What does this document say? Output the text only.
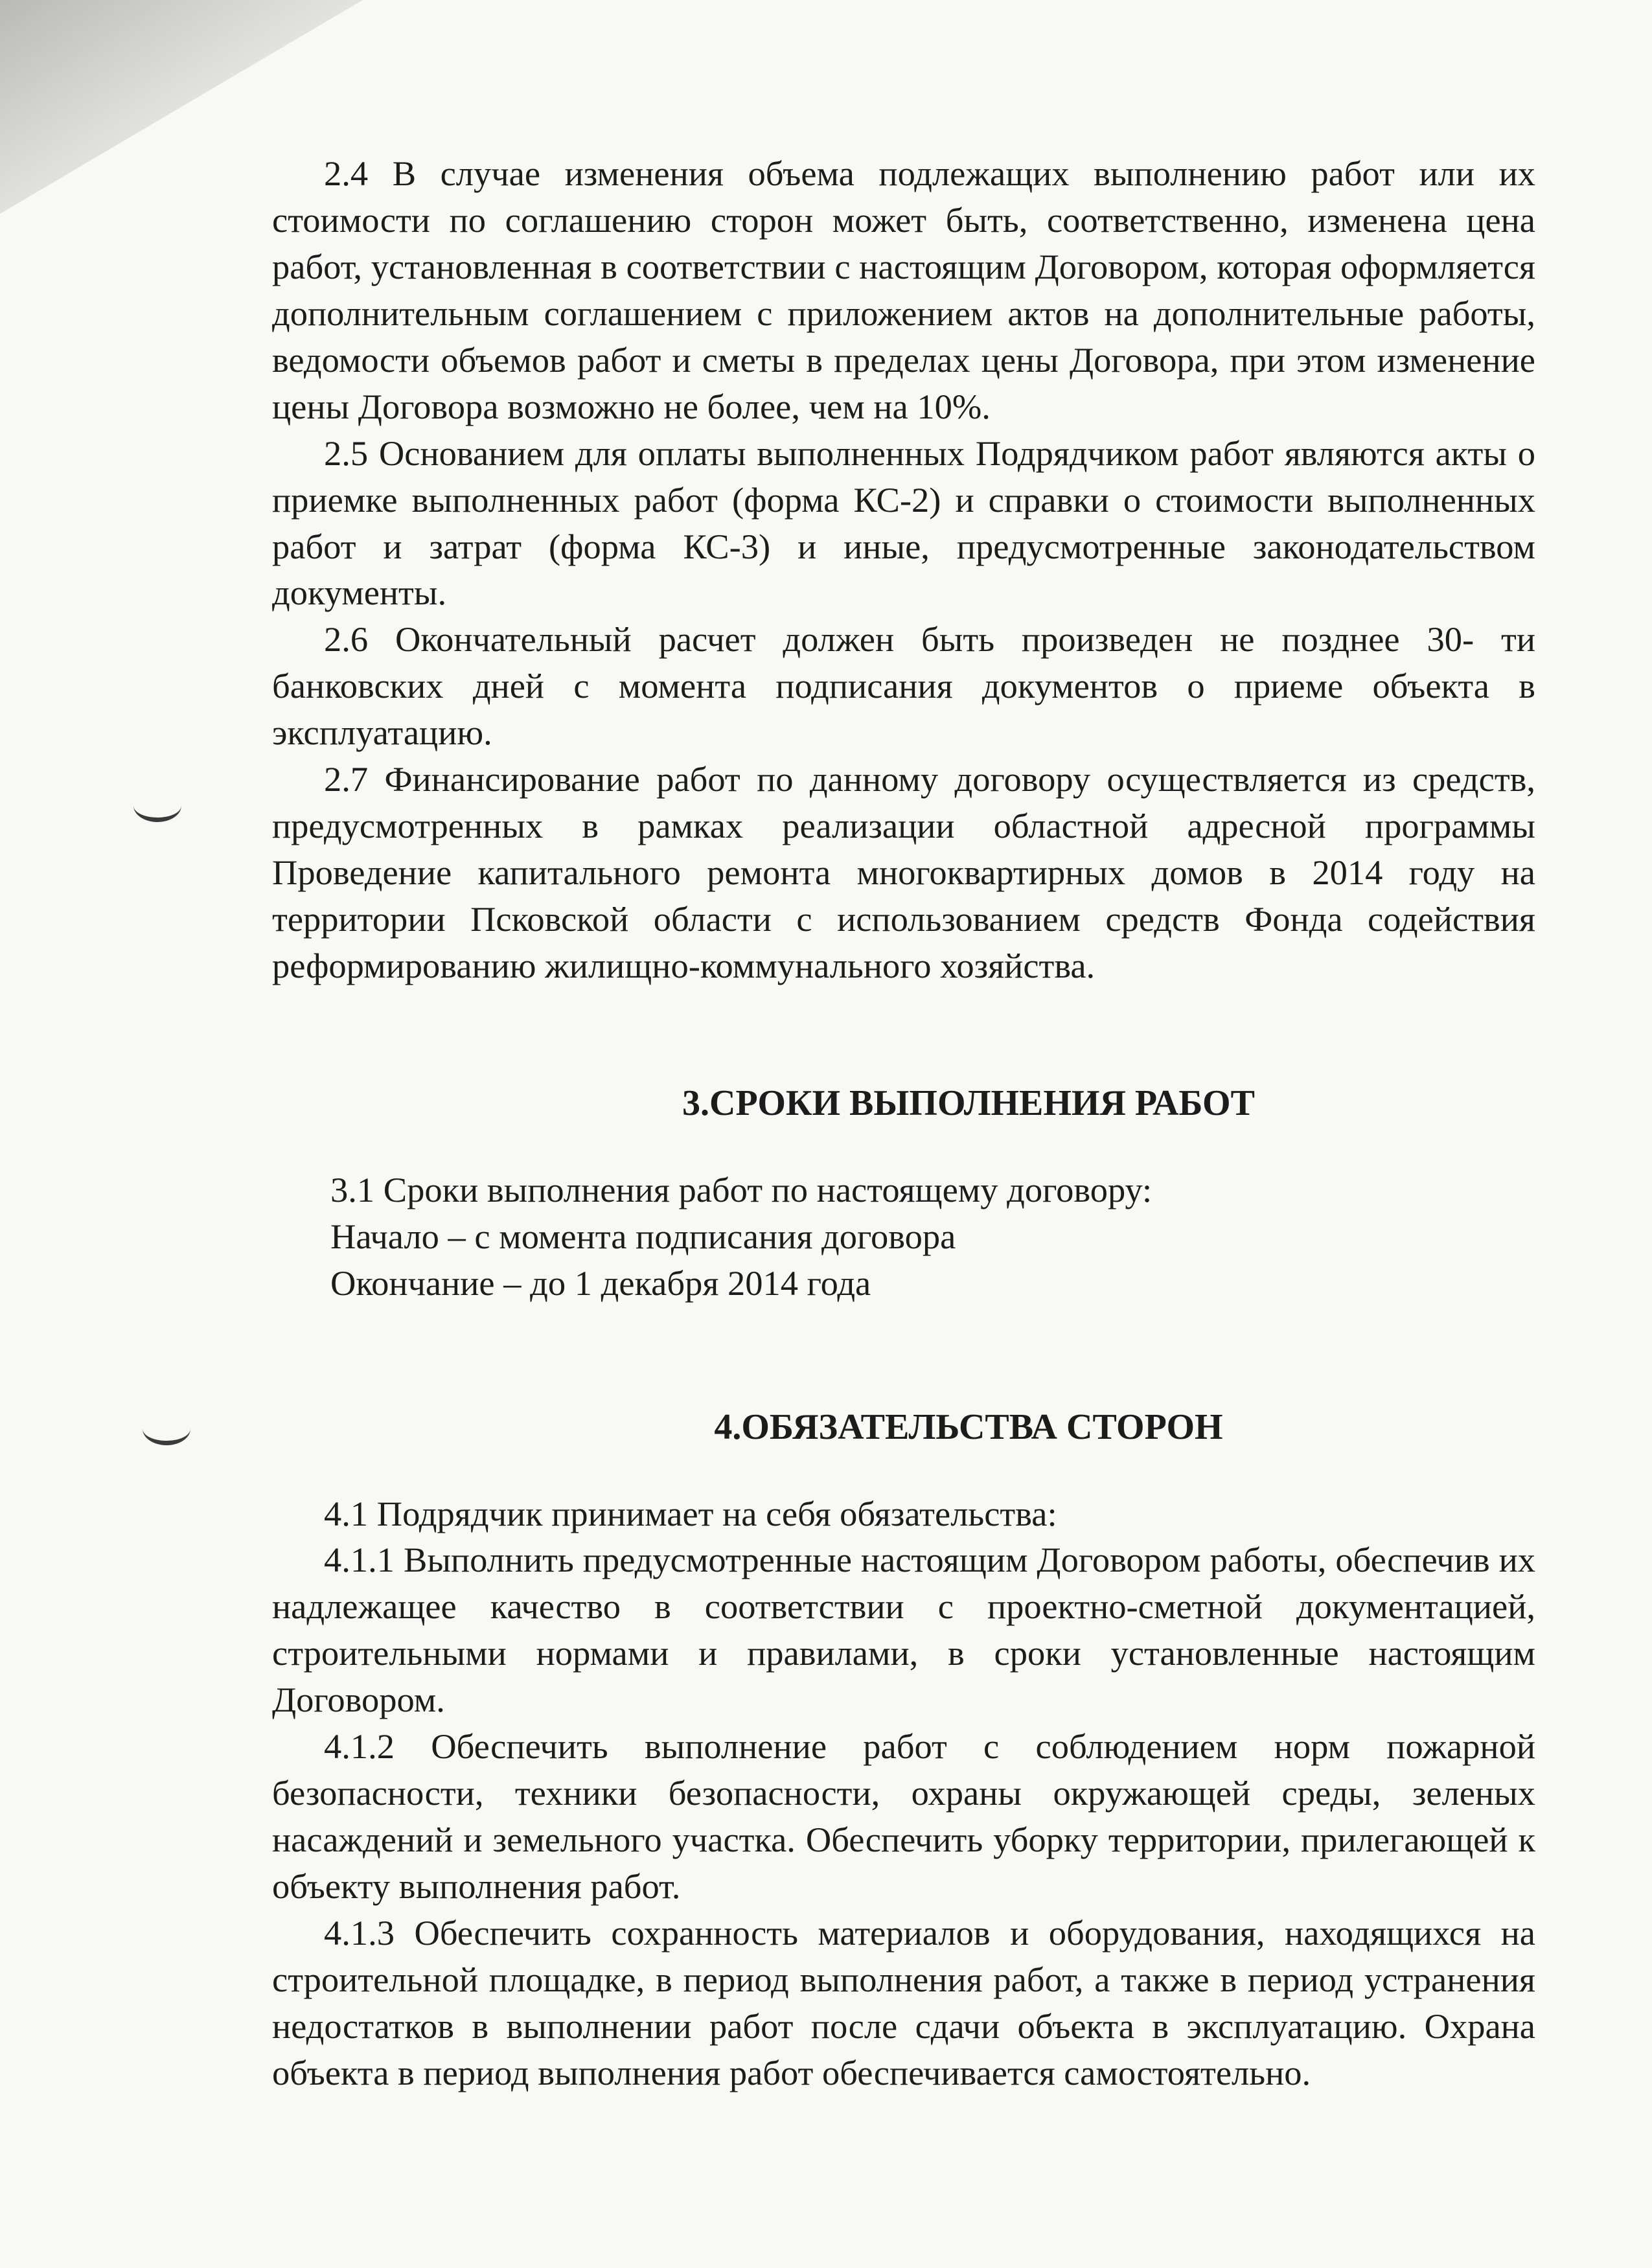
2.4 В случае изменения объема подлежащих выполнению работ или их стоимости по соглашению сторон может быть, соответственно, изменена цена работ, установленная в соответствии с настоящим Договором, которая оформляется дополнительным соглашением с приложением актов на дополнительные работы, ведомости объемов работ и сметы в пределах цены Договора, при этом изменение цены Договора возможно не более, чем на 10%.

2.5 Основанием для оплаты выполненных Подрядчиком работ являются акты о приемке выполненных работ (форма КС-2) и справки о стоимости выполненных работ и затрат (форма КС-3) и иные, предусмотренные законодательством документы.

2.6 Окончательный расчет должен быть произведен не позднее 30- ти банковских дней с момента подписания документов о приеме объекта в эксплуатацию.

2.7 Финансирование работ по данному договору осуществляется из средств, предусмотренных в рамках реализации областной адресной программы Проведение капитального ремонта многоквартирных домов в 2014 году на территории Псковской области с использованием средств Фонда содействия реформированию жилищно-коммунального хозяйства.

3.СРОКИ ВЫПОЛНЕНИЯ РАБОТ

3.1 Сроки выполнения работ по настоящему договору:

Начало – с момента подписания договора

Окончание – до 1 декабря 2014 года

4.ОБЯЗАТЕЛЬСТВА СТОРОН

4.1 Подрядчик принимает на себя обязательства:

4.1.1 Выполнить предусмотренные настоящим Договором работы, обеспечив их надлежащее качество в соответствии с проектно-сметной документацией, строительными нормами и правилами, в сроки установленные настоящим Договором.

4.1.2 Обеспечить выполнение работ с соблюдением норм пожарной безопасности, техники безопасности, охраны окружающей среды, зеленых насаждений и земельного участка. Обеспечить уборку территории, прилегающей к объекту выполнения работ.

4.1.3 Обеспечить сохранность материалов и оборудования, находящихся на строительной площадке, в период выполнения работ, а также в период устранения недостатков в выполнении работ после сдачи объекта в эксплуатацию. Охрана объекта в период выполнения работ обеспечивается самостоятельно.
